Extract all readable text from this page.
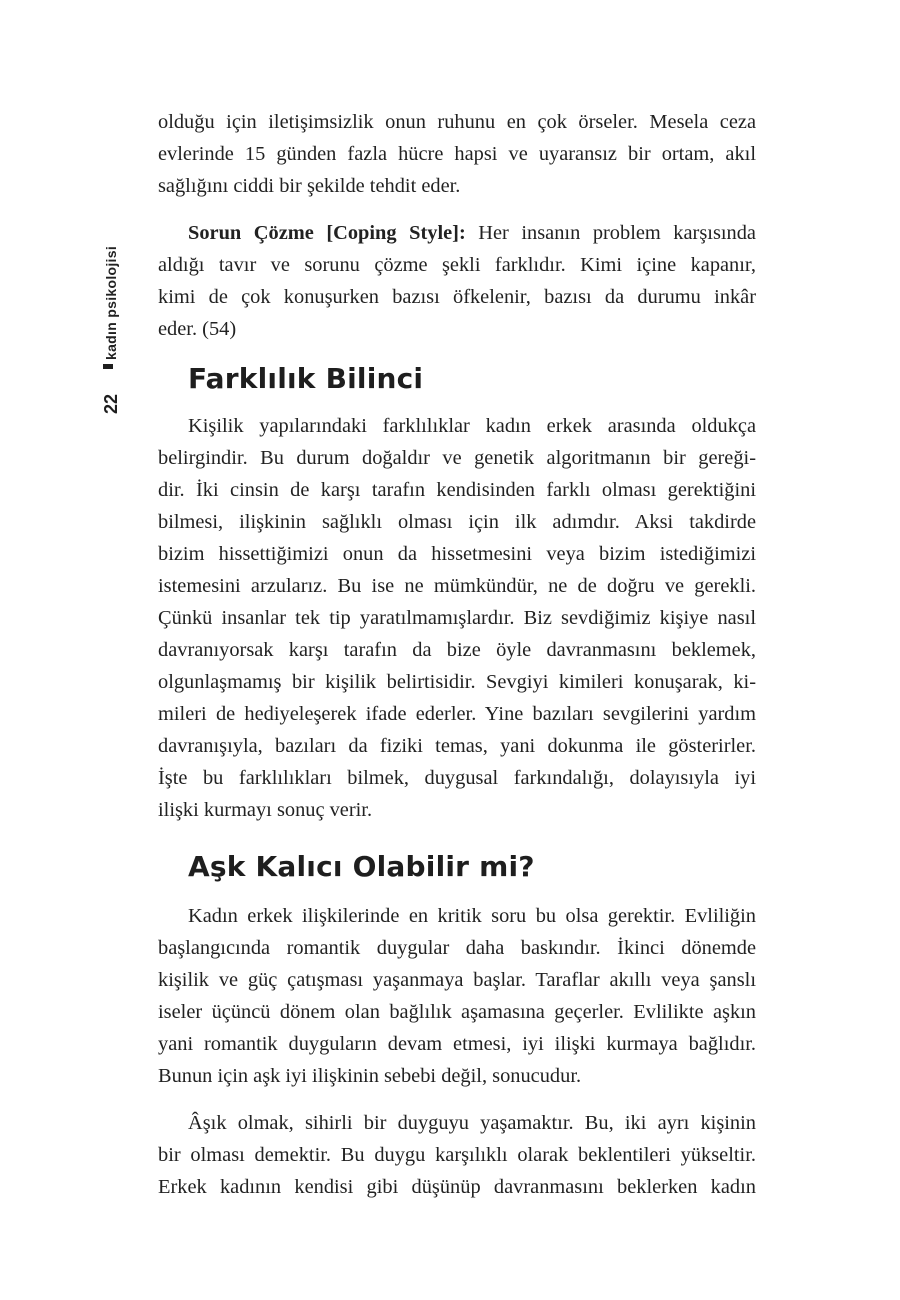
kadın psikolojisi
22
olduğu için iletişimsizlik onun ruhunu en çok örseler. Mesela ceza
evlerinde 15 günden fazla hücre hapsi ve uyaransız bir ortam, akıl
sağlığını ciddi bir şekilde tehdit eder.
Sorun Çözme [Coping Style]: Her insanın problem karşısında
aldığı tavır ve sorunu çözme şekli farklıdır. Kimi içine kapanır,
kimi de çok konuşurken bazısı öfkelenir, bazısı da durumu inkâr
eder. (54)
Farklılık Bilinci
Kişilik yapılarındaki farklılıklar kadın erkek arasında oldukça
belirgindir. Bu durum doğaldır ve genetik algoritmanın bir gereği-
dir. İki cinsin de karşı tarafın kendisinden farklı olması gerektiğini
bilmesi, ilişkinin sağlıklı olması için ilk adımdır. Aksi takdirde
bizim hissettiğimizi onun da hissetmesini veya bizim istediğimizi
istemesini arzularız. Bu ise ne mümkündür, ne de doğru ve gerekli.
Çünkü insanlar tek tip yaratılmamışlardır. Biz sevdiğimiz kişiye nasıl
davranıyorsak karşı tarafın da bize öyle davranmasını beklemek,
olgunlaşmamış bir kişilik belirtisidir. Sevgiyi kimileri konuşarak, ki-
mileri de hediyeleşerek ifade ederler. Yine bazıları sevgilerini yardım
davranışıyla, bazıları da fiziki temas, yani dokunma ile gösterirler.
İşte bu farklılıkları bilmek, duygusal farkındalığı, dolayısıyla iyi
ilişki kurmayı sonuç verir.
Aşk Kalıcı Olabilir mi?
Kadın erkek ilişkilerinde en kritik soru bu olsa gerektir. Evliliğin
başlangıcında romantik duygular daha baskındır. İkinci dönemde
kişilik ve güç çatışması yaşanmaya başlar. Taraflar akıllı veya şanslı
iseler üçüncü dönem olan bağlılık aşamasına geçerler. Evlilikte aşkın
yani romantik duyguların devam etmesi, iyi ilişki kurmaya bağlıdır.
Bunun için aşk iyi ilişkinin sebebi değil, sonucudur.
Âşık olmak, sihirli bir duyguyu yaşamaktır. Bu, iki ayrı kişinin
bir olması demektir. Bu duygu karşılıklı olarak beklentileri yükseltir.
Erkek kadının kendisi gibi düşünüp davranmasını beklerken kadın
